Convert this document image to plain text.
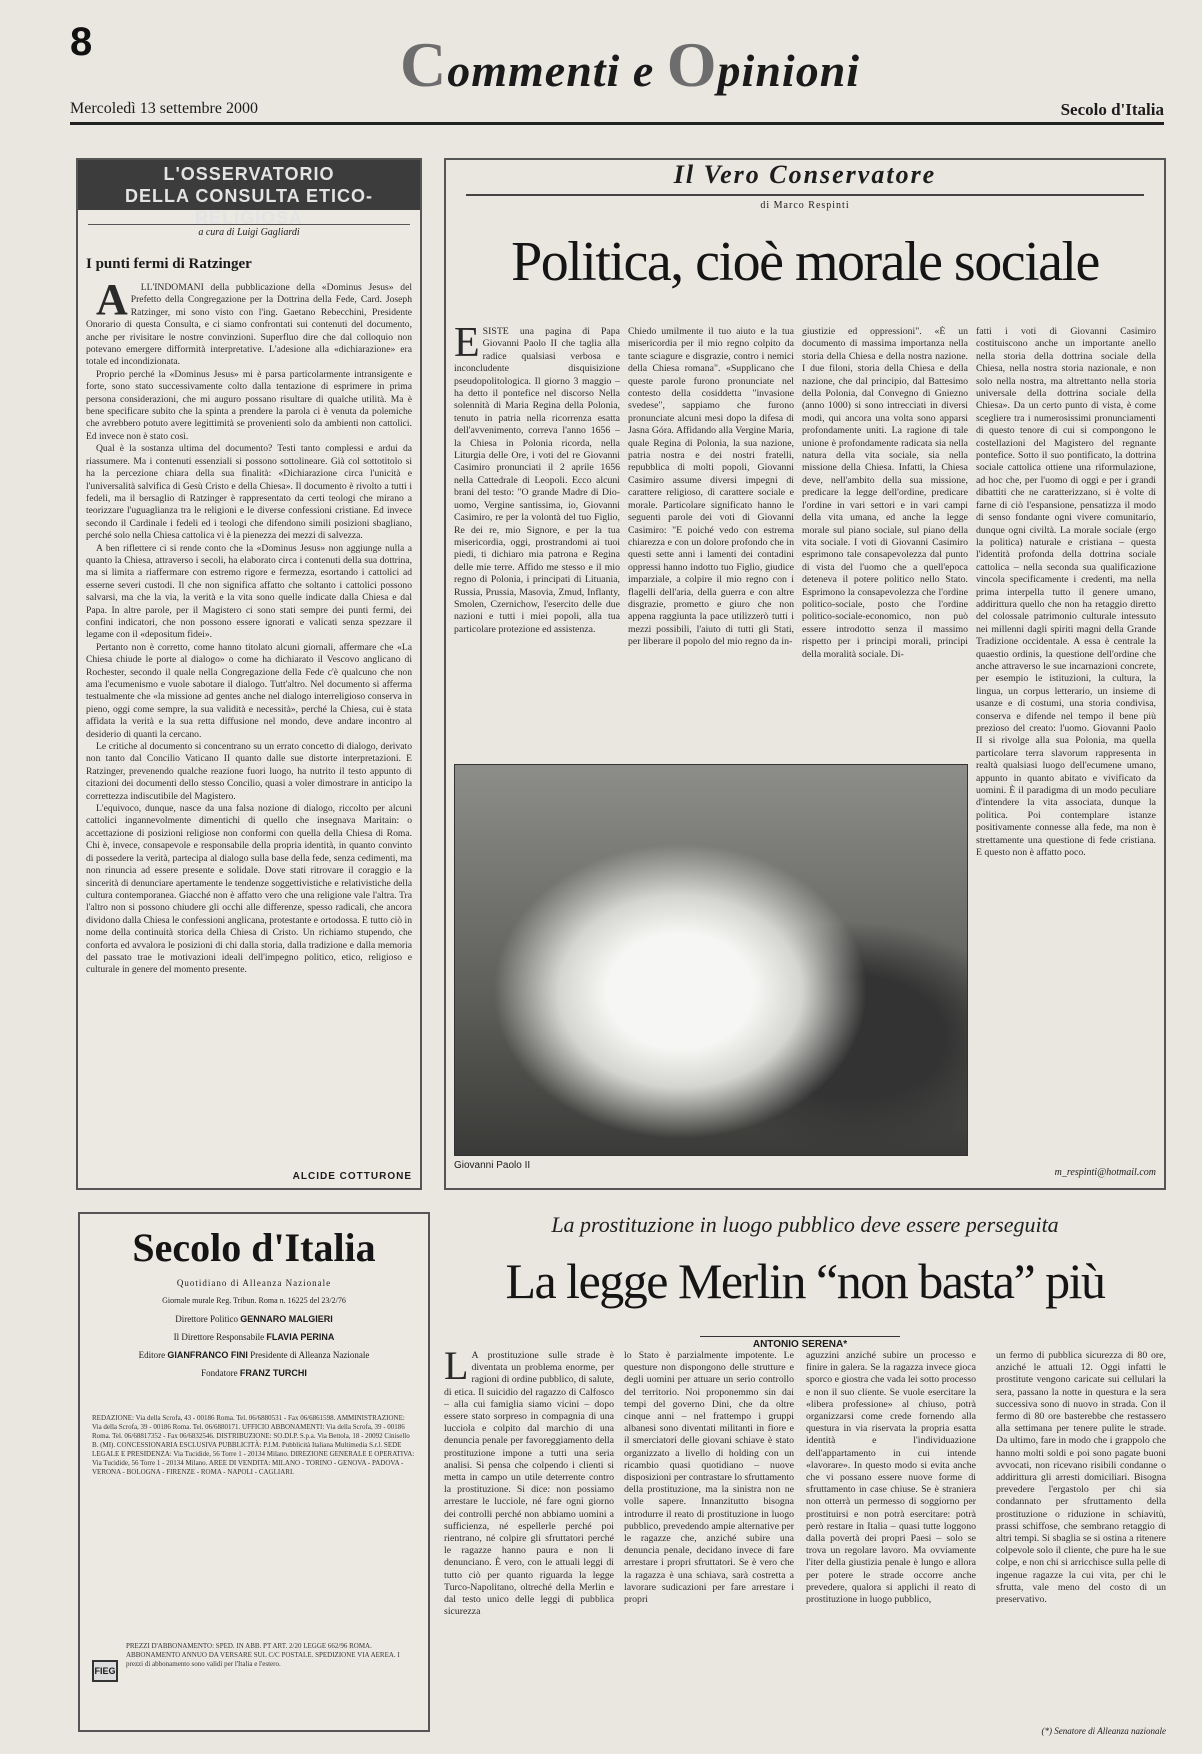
8	Commenti e Opinioni
Mercoledì 13 settembre 2000	Secolo d'Italia
L'OSSERVATORIO
DELLA CONSULTA ETICO-RELIGIOSA
a cura di Luigi Gagliardi
I punti fermi di Ratzinger

A LL'INDOMANI della pubblicazione della «Dominus Jesus» del Prefetto della Congregazione per la Dottrina della Fede, Card. Joseph Ratzinger, mi sono visto con l'ing. Gaetano Rebecchini, Presidente Onorario di questa Consulta, e ci siamo confrontati sui contenuti del documento, anche per rivisitare le nostre convinzioni. Superfluo dire che dal colloquio non potevano emergere difformità interpretative. L'adesione alla «dichiarazione» era totale ed incondizionata.

Proprio perché la «Dominus Jesus» mi è parsa particolarmente intransigente e forte, sono stato successivamente colto dalla tentazione di esprimere in prima persona considerazioni, che mi auguro possano risultare di qualche utilità. Ma è bene specificare subito che la spinta a prendere la parola ci è venuta da polemiche che avrebbero potuto avere legittimità se provenienti solo da ambienti non cattolici. Ed invece non è stato così.

Qual è la sostanza ultima del documento? Testi tanto complessi e ardui da riassumere. Ma i contenuti essenziali si possono sottolineare. Già col sottotitolo si ha la percezione chiara della sua finalità: «Dichiarazione circa l'unicità e l'universalità salvifica di Gesù Cristo e della Chiesa». Il documento è rivolto a tutti i fedeli, ma il bersaglio di Ratzinger è rappresentato da certi teologi che mirano a teorizzare l'uguaglianza tra le religioni e le diverse confessioni cristiane. Ed invece secondo il Cardinale i fedeli ed i teologi che difendono simili posizioni sbagliano, perché solo nella Chiesa cattolica vi è la pienezza dei mezzi di salvezza.

A ben riflettere ci si rende conto che la «Dominus Jesus» non aggiunge nulla a quanto la Chiesa, attraverso i secoli, ha elaborato circa i contenuti della sua dottrina, ma si limita a riaffermare con estremo rigore e fermezza, esortando i cattolici ad esserne severi custodi. Il che non significa affatto che soltanto i cattolici possono salvarsi, ma che la via, la verità e la vita sono quelle indicate dalla Chiesa e dal Papa. In altre parole, per il Magistero ci sono stati sempre dei punti fermi, dei confini indicatori, che non possono essere ignorati e valicati senza spezzare il legame con il «depositum fidei».

Pertanto non è corretto, come hanno titolato alcuni giornali, affermare che «La Chiesa chiude le porte al dialogo» o come ha dichiarato il Vescovo anglicano di Rochester, secondo il quale nella Congregazione della Fede c'è qualcuno che non ama l'ecumenismo e vuole sabotare il dialogo. Tutt'altro. Nel documento si afferma testualmente che «la missione ad gentes anche nel dialogo interreligioso conserva in pieno, oggi come sempre, la sua validità e necessità», perché la Chiesa, cui è stata affidata la verità e la sua retta diffusione nel mondo, deve andare incontro al desiderio di quanti la cercano.

Le critiche al documento si concentrano su un errato concetto di dialogo, derivato non tanto dal Concilio Vaticano II quanto dalle sue distorte interpretazioni. E Ratzinger, prevenendo qualche reazione fuori luogo, ha nutrito il testo appunto di citazioni dei documenti dello stesso Concilio, quasi a voler dimostrare in anticipo la correttezza indiscutibile del Magistero.

L'equivoco, dunque, nasce da una falsa nozione di dialogo, riccolto per alcuni cattolici ingannevolmente dimentichi di quello che insegnava Maritain: o accettazione di posizioni religiose non conformi con quella della Chiesa di Roma. Chi è, invece, consapevole e responsabile della propria identità, in quanto convinto di possedere la verità, partecipa al dialogo sulla base della fede, senza cedimenti, ma non rinuncia ad essere presente e solidale. Dove stati ritrovare il coraggio e la sincerità di denunciare apertamente le tendenze soggettivistiche e relativistiche della cultura contemporanea. Giacché non è affatto vero che una religione vale l'altra. Tra l'altro non si possono chiudere gli occhi alle differenze, spesso radicali, che ancora dividono dalla Chiesa le confessioni anglicana, protestante e ortodossa. E tutto ciò in nome della continuità storica della Chiesa di Cristo. Un richiamo stupendo, che conforta ed avvalora le posizioni di chi dalla storia, dalla tradizione e dalla memoria del passato trae le motivazioni ideali dell'impegno politico, etico, religioso e culturale in genere del momento presente.

ALCIDE COTTURONE
Secolo d'Italia
Quotidiano di Alleanza Nazionale
Giornale murale Reg. Tribun. Roma n. 16225 del 23/2/76
Direttore Politico GENNARO MALGIERI
Il Direttore Responsabile FLAVIA PERINA
Editore GIANFRANCO FINI Presidente di Alleanza Nazionale
Fondatore FRANZ TURCHI
REDAZIONE: Via della Scrofa, 43 - 00186 Roma. Tel. 06/6880531 - Fax 06/6861598. AMMINISTRAZIONE: Via della Scrofa, 39 - 00186 Roma. Tel. 06/6880171. UFFICIO ABBONAMENTI: Via della Scrofa, 39 - 00186 Roma. Tel. 06/68817352 - Fax 06/6832546. DISTRIBUZIONE: SO.DI.P. S.p.a. Via Bettola, 18 - 20092 Cinisello B. (MI). CONCESSIONARIA ESCLUSIVA PUBBLICITÀ: P.I.M. Pubblicità Italiana Multimedia S.r.l. SEDE LEGALE E PRESIDENZA: Via Tucidide, 56 Torre 1 - 20134 Milano. DIREZIONE GENERALE E OPERATIVA: Via Tucidide, 56 Torre 1 - 20134 Milano. AREE DI VENDITA: MILANO - TORINO - GENOVA - PADOVA - VERONA - BOLOGNA - FIRENZE - ROMA - NAPOLI - CAGLIARI.
PREZZI D'ABBONAMENTO: SPED. IN ABB. PT ART. 2/20 LEGGE 662/96 ROMA. ABBONAMENTO ANNUO DA VERSARE SUL C/C POSTALE. SPEDIZIONE VIA AEREA. I prezzi di abbonamento sono validi per l'Italia e l'estero.
FIEG
Il Vero Conservatore
di Marco Respinti
Politica, cioè morale sociale
ESISTE una pagina di Papa Giovanni Paolo II che taglia alla radice qualsiasi verbosa e inconcludente disquisizione pseudopolitologica. Il giorno 3 maggio – ha detto il pontefice nel discorso Nella solennità di Maria Regina della Polonia, tenuto in patria nella ricorrenza esatta dell'avvenimento, correva l'anno 1656 – la Chiesa in Polonia ricorda, nella Liturgia delle Ore, i voti del re Giovanni Casimiro pronunciati il 2 aprile 1656 nella Cattedrale di Leopoli. Ecco alcuni brani del testo: "O grande Madre di Dio-uomo, Vergine santissima, io, Giovanni Casimiro, re per la volontà del tuo Figlio, Re dei re, mio Signore, e per la tua misericordia, oggi, prostrandomi ai tuoi piedi, ti dichiaro mia patrona e Regina delle mie terre. Affido me stesso e il mio regno di Polonia, i principati di Lituania, Russia, Prussia, Masovia, Zmud, Inflanty, Smolen, Czernichow, l'esercito delle due nazioni e tutti i miei popoli, alla tua particolare protezione ed assistenza.
Chiedo umilmente il tuo aiuto e la tua misericordia per il mio regno colpito da tante sciagure e disgrazie, contro i nemici della Chiesa romana". «Supplicano che queste parole furono pronunciate nel contesto della cosiddetta "invasione svedese", sappiamo che furono pronunciate alcuni mesi dopo la difesa di Jasna Góra. Affidando alla Vergine Maria, quale Regina di Polonia, la sua nazione, patria nostra e dei nostri fratelli, repubblica di molti popoli, Giovanni Casimiro assume diversi impegni di carattere religioso, di carattere sociale e morale. Particolare significato hanno le seguenti parole dei voti di Giovanni Casimiro: "E poiché vedo con estrema chiarezza e con un dolore profondo che in questi sette anni i lamenti dei contadini oppressi hanno indotto tuo Figlio, giudice imparziale, a colpire il mio regno con i flagelli dell'aria, della guerra e con altre disgrazie, prometto e giuro che non appena raggiunta la pace utilizzerò tutti i mezzi possibili, l'aiuto di tutti gli Stati, per liberare il popolo del mio regno da in-
giustizie ed oppressioni". «È un documento di massima importanza nella storia della Chiesa e della nostra nazione. I due filoni, storia della Chiesa e della nazione, che dal principio, dal Battesimo della Polonia, dal Convegno di Gniezno (anno 1000) si sono intrecciati in diversi modi, qui ancora una volta sono apparsi profondamente uniti. La ragione di tale unione è profondamente radicata sia nella natura della vita sociale, sia nella missione della Chiesa. Infatti, la Chiesa deve, nell'ambito della sua missione, predicare la legge dell'ordine, predicare l'ordine in vari settori e in vari campi della vita umana, ed anche la legge morale sul piano sociale, sul piano della vita sociale. I voti di Giovanni Casimiro esprimono tale consapevolezza dal punto di vista del l'uomo che a quell'epoca deteneva il potere politico nello Stato. Esprimono la consapevolezza che l'ordine politico-sociale, posto che l'ordine politico-sociale-economico, non può essere introdotto senza il massimo rispetto per i principi morali, principi della moralità sociale. Di-
fatti i voti di Giovanni Casimiro costituiscono anche un importante anello nella storia della dottrina sociale della Chiesa, nella nostra storia nazionale, e non solo nella nostra, ma altrettanto nella storia universale della dottrina sociale della Chiesa». Da un certo punto di vista, è come scegliere tra i numerosissimi pronunciamenti di questo tenore di cui si compongono le costellazioni del Magistero del regnante pontefice. Sotto il suo pontificato, la dottrina sociale cattolica ottiene una riformulazione, ad hoc che, per l'uomo di oggi e per i grandi dibattiti che ne caratterizzano, si è volte di farne di ciò l'espansione, pensatizza il modo di senso fondante ogni vivere comunitario, dunque ogni civiltà. La morale sociale (ergo la politica) naturale e cristiana – questa l'identità profonda della dottrina sociale cattolica – nella seconda sua qualificazione vincola specificamente i credenti, ma nella prima interpella tutto il genere umano, addirittura quello che non ha retaggio diretto del colossale patrimonio culturale intessuto nei millenni dagli spiriti magni della Grande Tradizione occidentale. A essa è centrale la quaestio ordinis, la questione dell'ordine che anche attraverso le sue incarnazioni concrete, per esempio le istituzioni, la cultura, la lingua, un corpus letterario, un insieme di usanze e di costumi, una storia condivisa, conserva e difende nel tempo il bene più prezioso del creato: l'uomo. Giovanni Paolo II si rivolge alla sua Polonia, ma quella particolare terra slavorum rappresenta in realtà qualsiasi luogo dell'ecumene umano, appunto in quanto abitato e vivificato da uomini. È il paradigma di un modo peculiare d'intendere la vita associata, dunque la politica. Poi contemplare istanze positivamente connesse alla fede, ma non è strettamente una questione di fede cristiana. E questo non è affatto poco.
Giovanni Paolo II
m_respinti@hotmail.com
La prostituzione in luogo pubblico deve essere perseguita
La legge Merlin “non basta” più
ANTONIO SERENA*
L A prostituzione sulle strade è diventata un problema enorme, per ragioni di ordine pubblico, di salute, di etica. Il suicidio del ragazzo di Calfosco – alla cui famiglia siamo vicini – dopo essere stato sorpreso in compagnia di una lucciola e colpito dal marchio di una denuncia penale per favoreggiamento della prostituzione impone a tutti una seria analisi. Si pensa che colpendo i clienti si metta in campo un utile deterrente contro la prostituzione. Si dice: non possiamo arrestare le lucciole, né fare ogni giorno dei controlli perché non abbiamo uomini a sufficienza, né espellerle perché poi rientrano, né colpire gli sfruttatori perché le ragazze hanno paura e non li denunciano. È vero, con le attuali leggi di tutto ciò per quanto riguarda la legge Turco-Napolitano, oltreché della Merlin e dal testo unico delle leggi di pubblica sicurezza
lo Stato è parzialmente impotente. Le questure non dispongono delle strutture e degli uomini per attuare un serio controllo del territorio. Noi proponemmo sin dai tempi del governo Dini, che da oltre cinque anni – nel frattempo i gruppi albanesi sono diventati militanti in fiore e il smerciatori delle giovani schiave è stato organizzato a livello di holding con un ricambio quasi quotidiano – nuove disposizioni per contrastare lo sfruttamento della prostituzione, ma la sinistra non ne volle sapere. Innanzitutto bisogna introdurre il reato di prostituzione in luogo pubblico, prevedendo ampie alternative per le ragazze che, anziché subire una denuncia penale, decidano invece di fare arrestare i propri sfruttatori. Se è vero che la ragazza è una schiava, sarà costretta a lavorare sudicazioni per fare arrestare i propri
aguzzini anziché subire un processo e finire in galera. Se la ragazza invece gioca sporco e giostra che vada lei sotto processo e non il suo cliente. Se vuole esercitare la «libera professione» al chiuso, potrà organizzarsi come crede fornendo alla questura in via riservata la propria esatta identità e l'individuazione dell'appartamento in cui intende «lavorare». In questo modo si evita anche che vi possano essere nuove forme di sfruttamento in case chiuse. Se è straniera non otterrà un permesso di soggiorno per prostituirsi e non potrà esercitare: potrà però restare in Italia – quasi tutte loggono dalla povertà dei propri Paesi – solo se trova un regolare lavoro. Ma ovviamente l'iter della giustizia penale è lungo e allora per potere le strade occorre anche prevedere, qualora si applichi il reato di prostituzione in luogo pubblico,
un fermo di pubblica sicurezza di 80 ore, anziché le attuali 12. Oggi infatti le prostitute vengono caricate sui cellulari la sera, passano la notte in questura e la sera successiva sono di nuovo in strada. Con il fermo di 80 ore basterebbe che restassero alla settimana per tenere pulite le strade. Da ultimo, fare in modo che i grappolo che hanno molti soldi e poi sono pagate buoni avvocati, non ricevano risibili condanne o addirittura gli arresti domiciliari. Bisogna prevedere l'ergastolo per chi sia condannato per sfruttamento della prostituzione o riduzione in schiavitù, prassi schiffose, che sembrano retaggio di altri tempi. Si sbaglia se si ostina a ritenere colpevole solo il cliente, che pure ha le sue colpe, e non chi si arricchisce sulla pelle di ingenue ragazze la cui vita, per chi le sfrutta, vale meno del costo di un preservativo.
(*) Senatore di Alleanza nazionale
